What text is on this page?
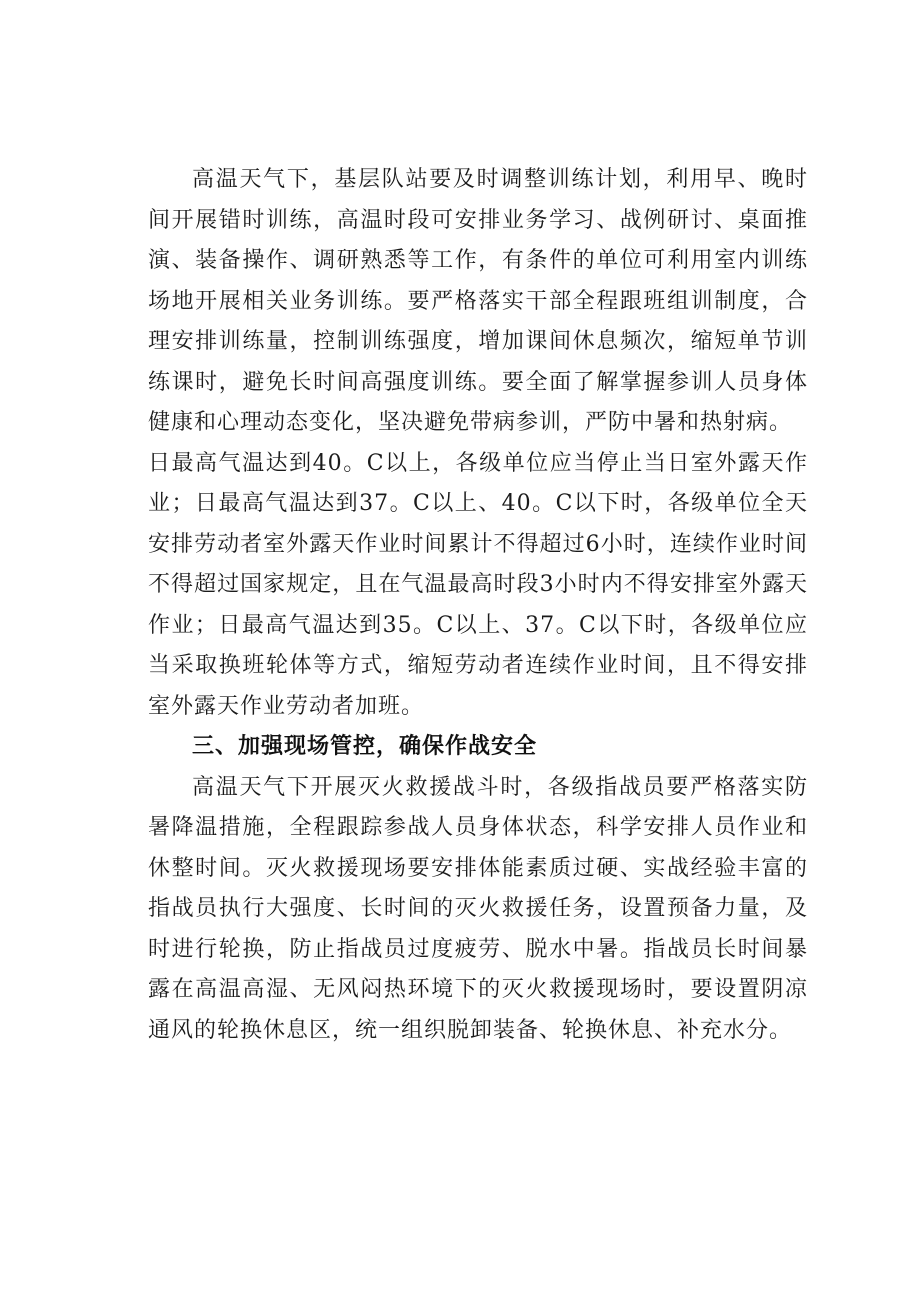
高温天气下，基层队站要及时调整训练计划，利用早、晚时间开展错时训练，高温时段可安排业务学习、战例研讨、桌面推演、装备操作、调研熟悉等工作，有条件的单位可利用室内训练场地开展相关业务训练。要严格落实干部全程跟班组训制度，合理安排训练量，控制训练强度，增加课间休息频次，缩短单节训练课时，避免长时间高强度训练。要全面了解掌握参训人员身体健康和心理动态变化，坚决避免带病参训，严防中暑和热射病。

日最高气温达到40。C以上，各级单位应当停止当日室外露天作业；日最高气温达到37。C以上、40。C以下时，各级单位全天安排劳动者室外露天作业时间累计不得超过6小时，连续作业时间不得超过国家规定，且在气温最高时段3小时内不得安排室外露天作业；日最高气温达到35。C以上、37。C以下时，各级单位应当采取换班轮体等方式，缩短劳动者连续作业时间，且不得安排室外露天作业劳动者加班。

三、加强现场管控，确保作战安全

高温天气下开展灭火救援战斗时，各级指战员要严格落实防暑降温措施，全程跟踪参战人员身体状态，科学安排人员作业和休整时间。灭火救援现场要安排体能素质过硬、实战经验丰富的指战员执行大强度、长时间的灭火救援任务，设置预备力量，及时进行轮换，防止指战员过度疲劳、脱水中暑。指战员长时间暴露在高温高湿、无风闷热环境下的灭火救援现场时，要设置阴凉通风的轮换休息区，统一组织脱卸装备、轮换休息、补充水分。
